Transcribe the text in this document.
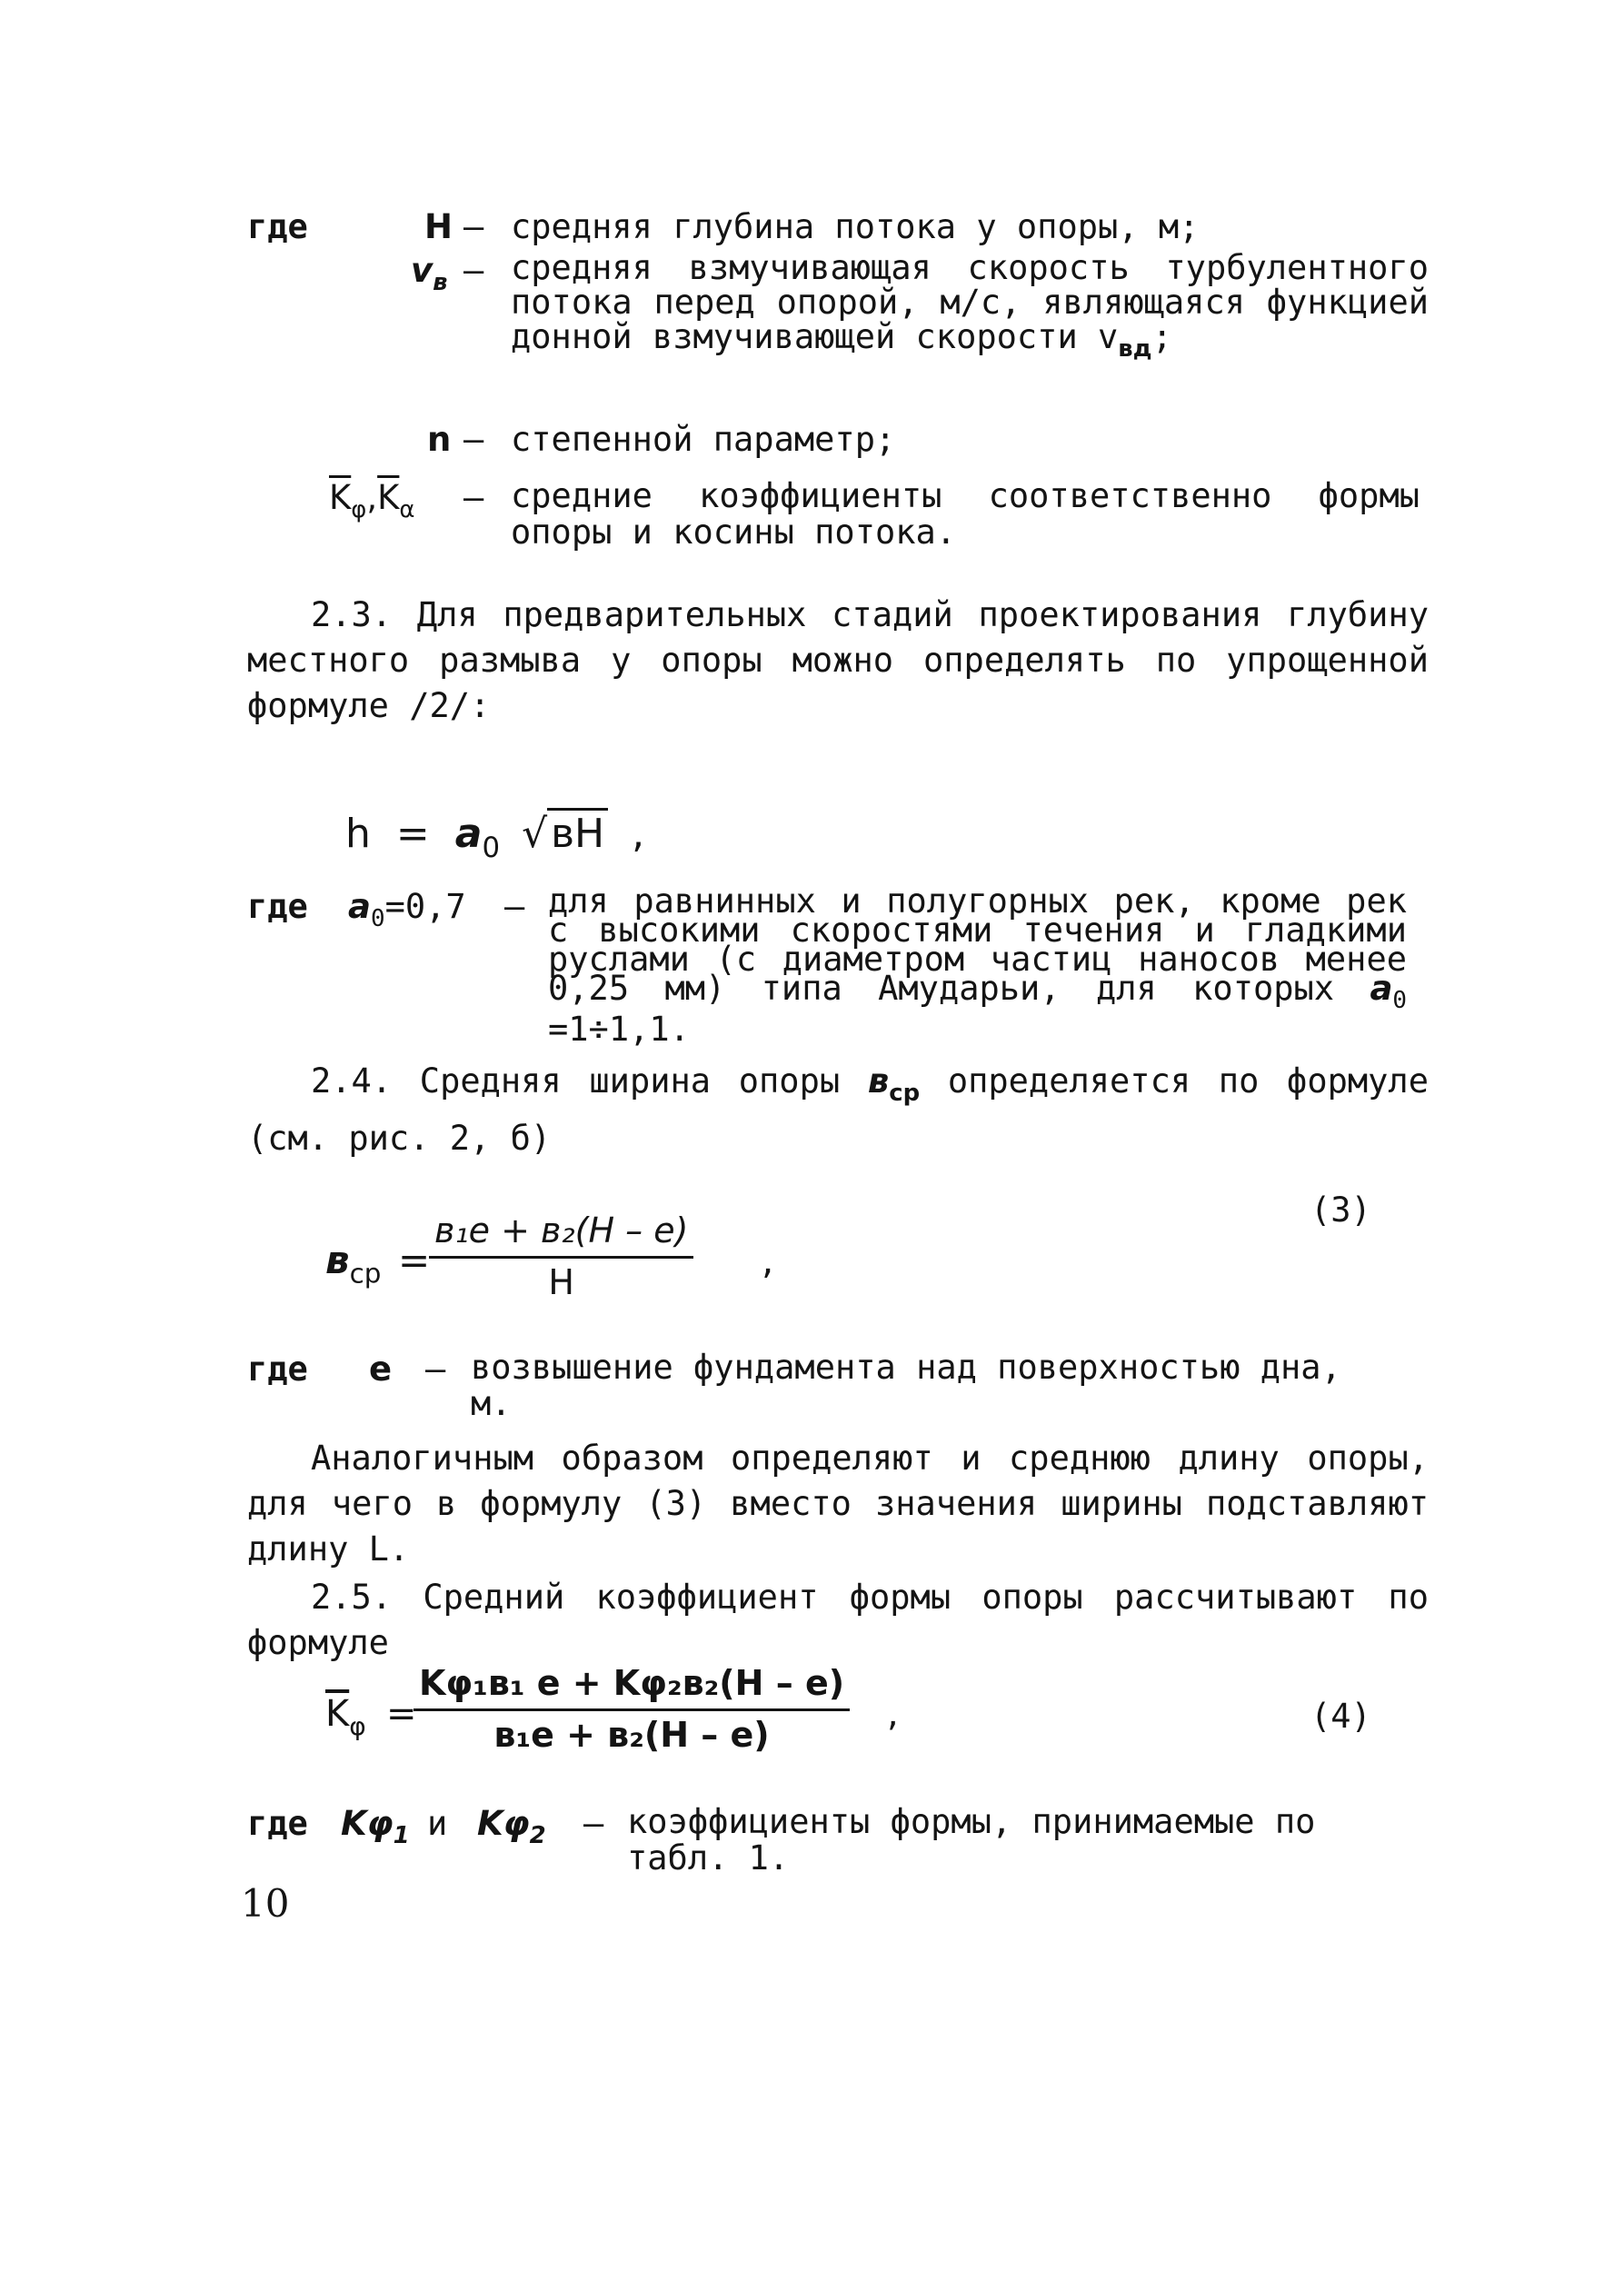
где	H – средняя глубина потока у опоры, м;
$v_в$ – средняя взмучивающая скорость турбулентного потока перед опорой, м/с, являющаяся функцией донной взмучивающей скорости $v_{вд}$;
n – степенной параметр;
$\overline{K}_\varphi,\overline{K}_\alpha$ – средние коэффициенты соответственно формы опоры и косины потока.
2.3. Для предварительных стадий проектирования глубину местного размыва у опоры можно определять по упрощенной формуле /2/:
$h = a_0$ √вH ,
где $a_0=0,7$ – для равнинных и полугорных рек, кроме рек с высокими скоростями течения и гладкими руслами (с диаметром частиц наносов менее 0,25 мм) типа Амударьи, для которых $a_0 =1\div 1,1$.
2.4. Средняя ширина опоры $в_{ср}$ определяется по формуле (см. рис. 2, б)
$в_{ср}$ =
в₁e + в₂(H – e)
H	,
(3)
где e – возвышение фундамента над поверхностью дна, м.
Аналогичным образом определяют и среднюю длину опоры, для чего в формулу (3) вместо значения ширины подставляют длину L.
2.5. Средний коэффициент формы опоры рассчитывают по формуле
$\overline{K}_\varphi$ =
Kφ₁в₁ e + Kφ₂в₂(H – e)
в₁e + в₂(H – e)	,	(4)
где $K\varphi_1$ и $K\varphi_2$ – коэффициенты формы, принимаемые по табл. 1.
10
